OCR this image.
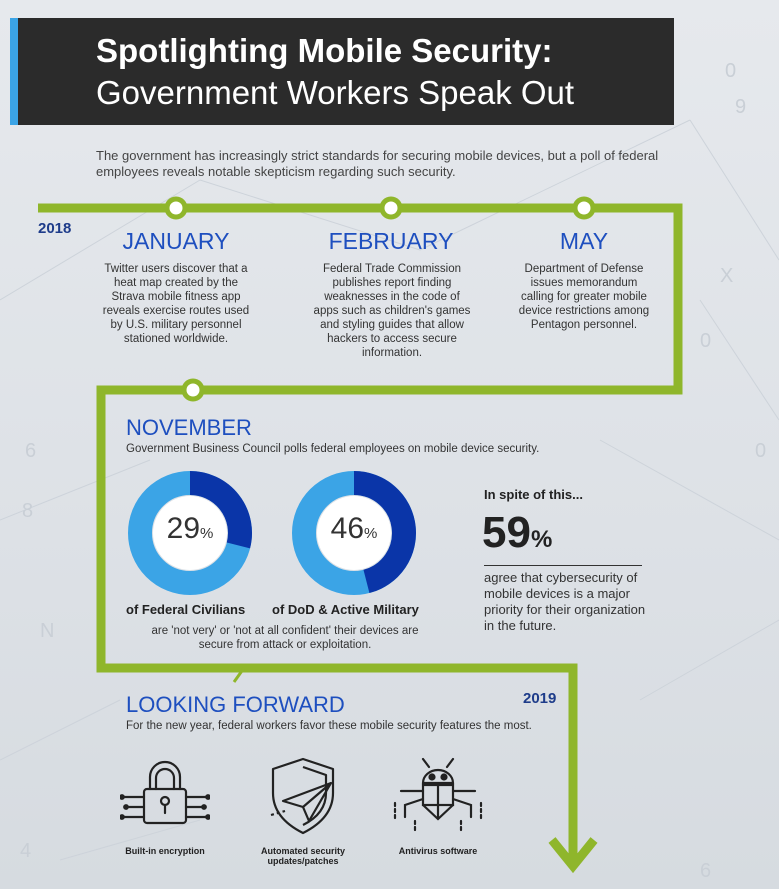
0
9
X
0
0
6
8
N
4
6
Spotlighting Mobile Security:
Government Workers Speak Out
The government has increasingly strict standards for securing mobile devices, but a poll of federal employees reveals notable skepticism regarding such security.
2018	JANUARY
Twitter users discover that a heat map created by the Strava mobile fitness app reveals exercise routes used by U.S. military personnel stationed worldwide.
FEBRUARY
Federal Trade Commission publishes report finding weaknesses in the code of apps such as children's games and styling guides that allow hackers to access secure information.
MAY
Department of Defense issues memorandum calling for greater mobile device restrictions among Pentagon personnel.
NOVEMBER
Government Business Council polls federal employees on mobile device security.
29%
of Federal Civilians
46%
of DoD & Active Military
are 'not very' or 'not at all confident' their devices are secure from attack or exploitation.
In spite of this...
59%
agree that cybersecurity of mobile devices is a major priority for their organization in the future.
LOOKING FORWARD	2019
For the new year, federal workers favor these mobile security features the most.
Built-in encryption	Automated security updates/patches
Antivirus software
